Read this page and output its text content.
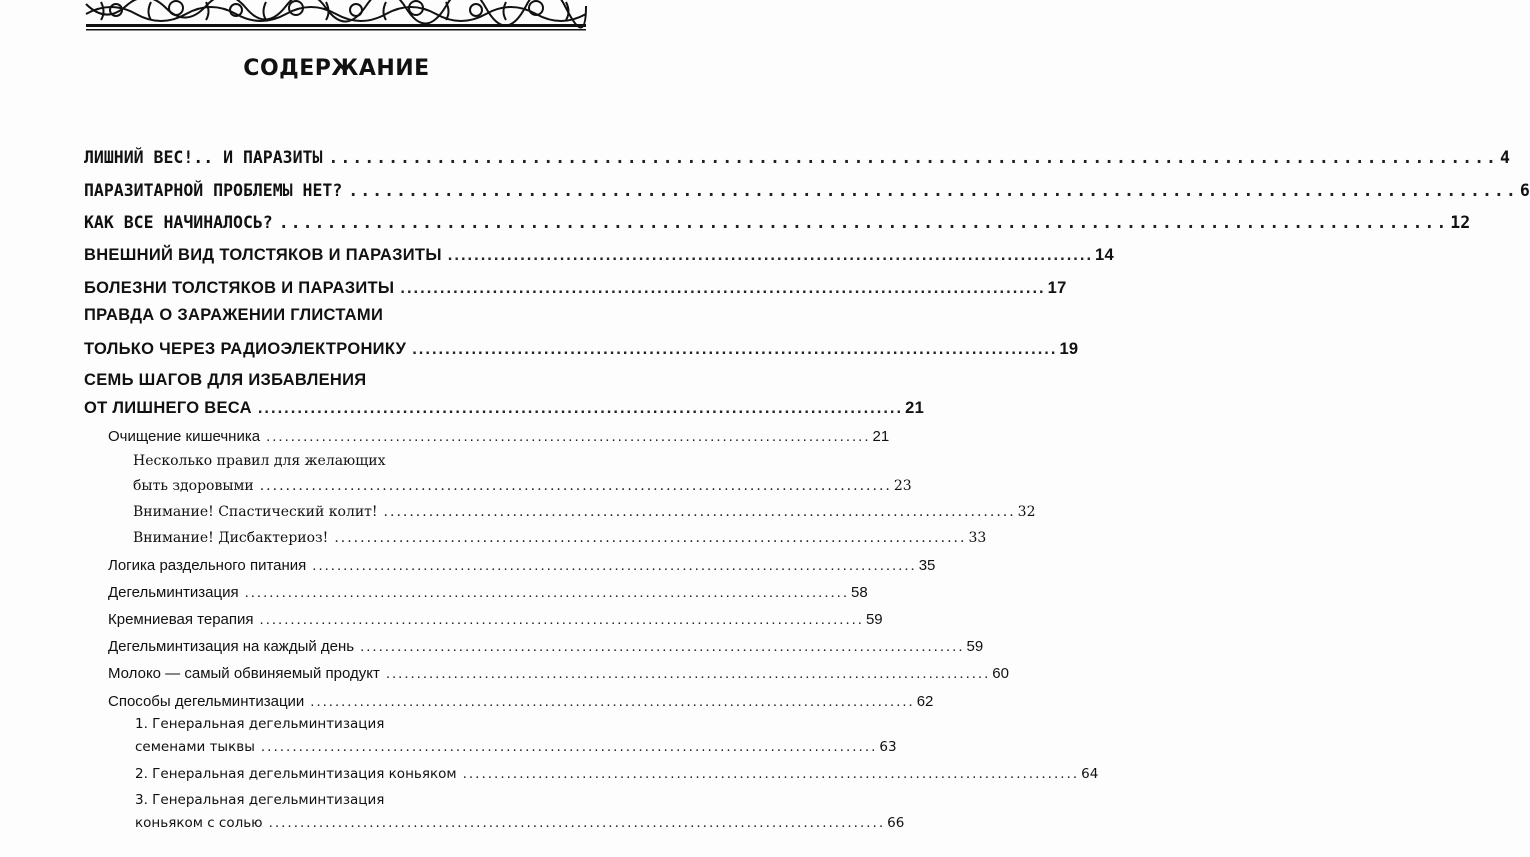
СОДЕРЖАНИЕ
ЛИШНИЙ ВЕС!.. И ПАРАЗИТЫ .................................................................................................. 4
ПАРАЗИТАРНОЙ ПРОБЛЕМЫ НЕТ? .................................................................................................. 6
КАК ВСЕ НАЧИНАЛОСЬ? .................................................................................................. 12
ВНЕШНИЙ ВИД ТОЛСТЯКОВ И ПАРАЗИТЫ .................................................................................................. 14
БОЛЕЗНИ ТОЛСТЯКОВ И ПАРАЗИТЫ .................................................................................................. 17
ПРАВДА О ЗАРАЖЕНИИ ГЛИСТАМИ
ТОЛЬКО ЧЕРЕЗ РАДИОЭЛЕКТРОНИКУ .................................................................................................. 19
СЕМЬ ШАГОВ ДЛЯ ИЗБАВЛЕНИЯ
ОТ ЛИШНЕГО ВЕСА .................................................................................................. 21
Очищение кишечника .................................................................................................. 21
Несколько правил для желающих
быть здоровыми .................................................................................................. 23
Внимание! Спастический колит! .................................................................................................. 32
Внимание! Дисбактериоз! .................................................................................................. 33
Логика раздельного питания .................................................................................................. 35
Дегельминтизация .................................................................................................. 58
Кремниевая терапия .................................................................................................. 59
Дегельминтизация на каждый день .................................................................................................. 59
Молоко — самый обвиняемый продукт .................................................................................................. 60
Способы дегельминтизации .................................................................................................. 62
1. Генеральная дегельминтизация
семенами тыквы .................................................................................................. 63
2. Генеральная дегельминтизация коньяком .................................................................................................. 64
3. Генеральная дегельминтизация
коньяком с солью .................................................................................................. 66
